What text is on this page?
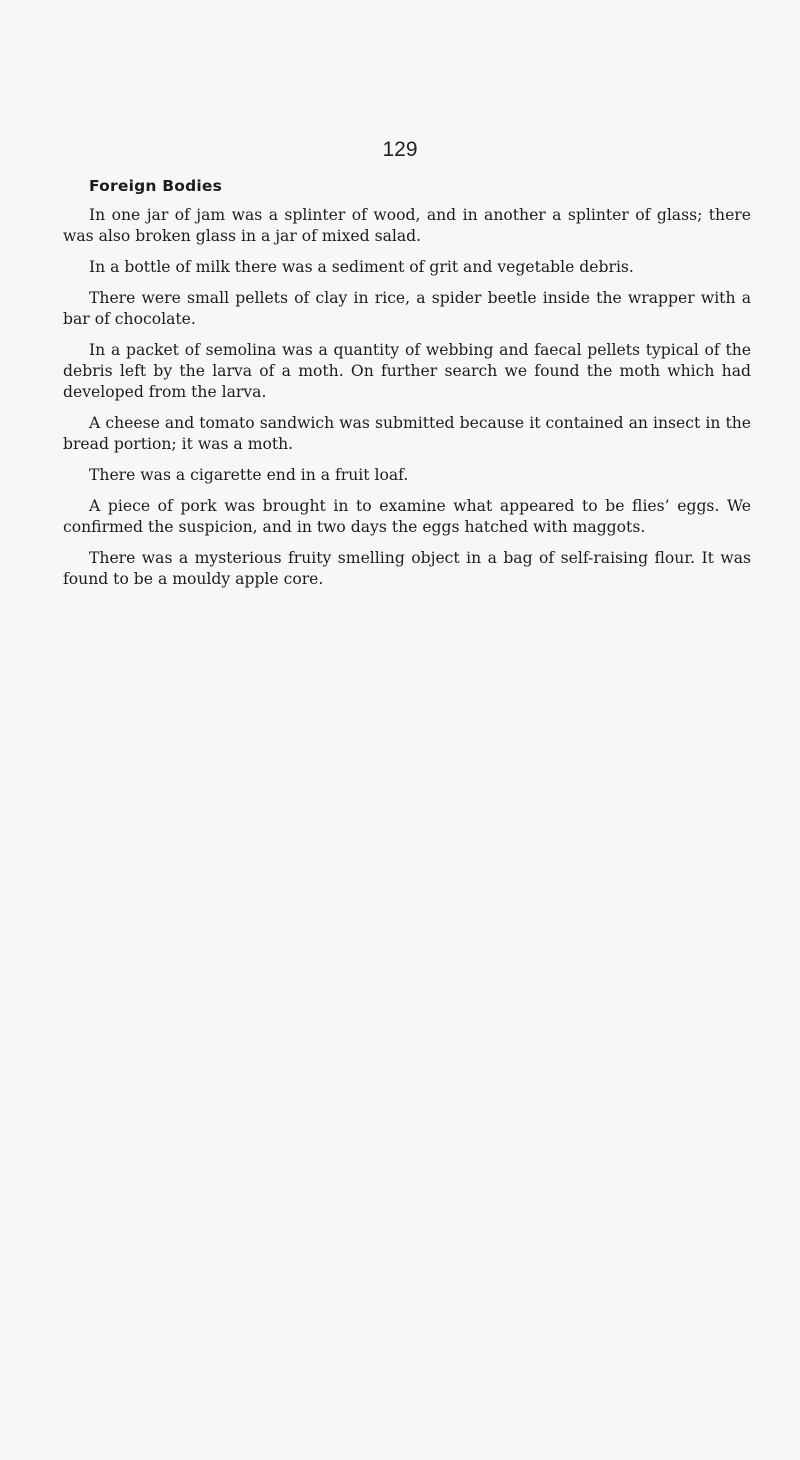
129
Foreign Bodies

In one jar of jam was a splinter of wood, and in another a splinter of glass; there was also broken glass in a jar of mixed salad.

In a bottle of milk there was a sediment of grit and vegetable debris.

There were small pellets of clay in rice, a spider beetle inside the wrapper with a bar of chocolate.

In a packet of semolina was a quantity of webbing and faecal pellets typical of the debris left by the larva of a moth. On further search we found the moth which had developed from the larva.

A cheese and tomato sandwich was submitted because it contained an insect in the bread portion; it was a moth.

There was a cigarette end in a fruit loaf.

A piece of pork was brought in to examine what appeared to be flies’ eggs. We confirmed the suspicion, and in two days the eggs hatched with maggots.

There was a mysterious fruity smelling object in a bag of self-raising flour. It was found to be a mouldy apple core.
